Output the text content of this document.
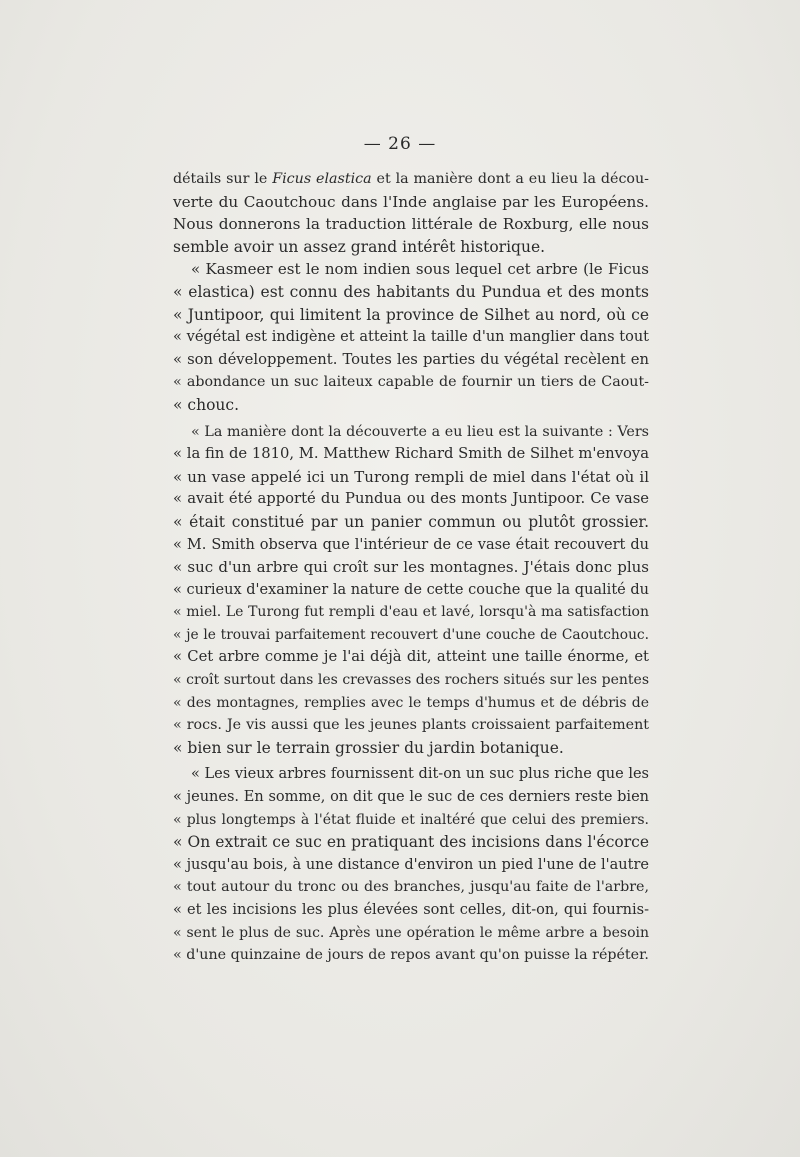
— 26 —
détails sur le Ficus elastica et la manière dont a eu lieu la décou-
verte du Caoutchouc dans l'Inde anglaise par les Européens.
Nous donnerons la traduction littérale de Roxburg, elle nous
semble avoir un assez grand intérêt historique.
« Kasmeer est le nom indien sous lequel cet arbre (le Ficus
« elastica) est connu des habitants du Pundua et des monts
« Juntipoor, qui limitent la province de Silhet au nord, où ce
« végétal est indigène et atteint la taille d'un manglier dans tout
« son développement. Toutes les parties du végétal recèlent en
« abondance un suc laiteux capable de fournir un tiers de Caout-
« chouc.
« La manière dont la découverte a eu lieu est la suivante : Vers
« la fin de 1810, M. Matthew Richard Smith de Silhet m'envoya
« un vase appelé ici un Turong rempli de miel dans l'état où il
« avait été apporté du Pundua ou des monts Juntipoor. Ce vase
« était constitué par un panier commun ou plutôt grossier.
« M. Smith observa que l'intérieur de ce vase était recouvert du
« suc d'un arbre qui croît sur les montagnes. J'étais donc plus
« curieux d'examiner la nature de cette couche que la qualité du
« miel. Le Turong fut rempli d'eau et lavé, lorsqu'à ma satisfaction
« je le trouvai parfaitement recouvert d'une couche de Caoutchouc.
« Cet arbre comme je l'ai déjà dit, atteint une taille énorme, et
« croît surtout dans les crevasses des rochers situés sur les pentes
« des montagnes, remplies avec le temps d'humus et de débris de
« rocs. Je vis aussi que les jeunes plants croissaient parfaitement
« bien sur le terrain grossier du jardin botanique.
« Les vieux arbres fournissent dit-on un suc plus riche que les
« jeunes. En somme, on dit que le suc de ces derniers reste bien
« plus longtemps à l'état fluide et inaltéré que celui des premiers.
« On extrait ce suc en pratiquant des incisions dans l'écorce
« jusqu'au bois, à une distance d'environ un pied l'une de l'autre
« tout autour du tronc ou des branches, jusqu'au faite de l'arbre,
« et les incisions les plus élevées sont celles, dit-on, qui fournis-
« sent le plus de suc. Après une opération le même arbre a besoin
« d'une quinzaine de jours de repos avant qu'on puisse la répéter.
